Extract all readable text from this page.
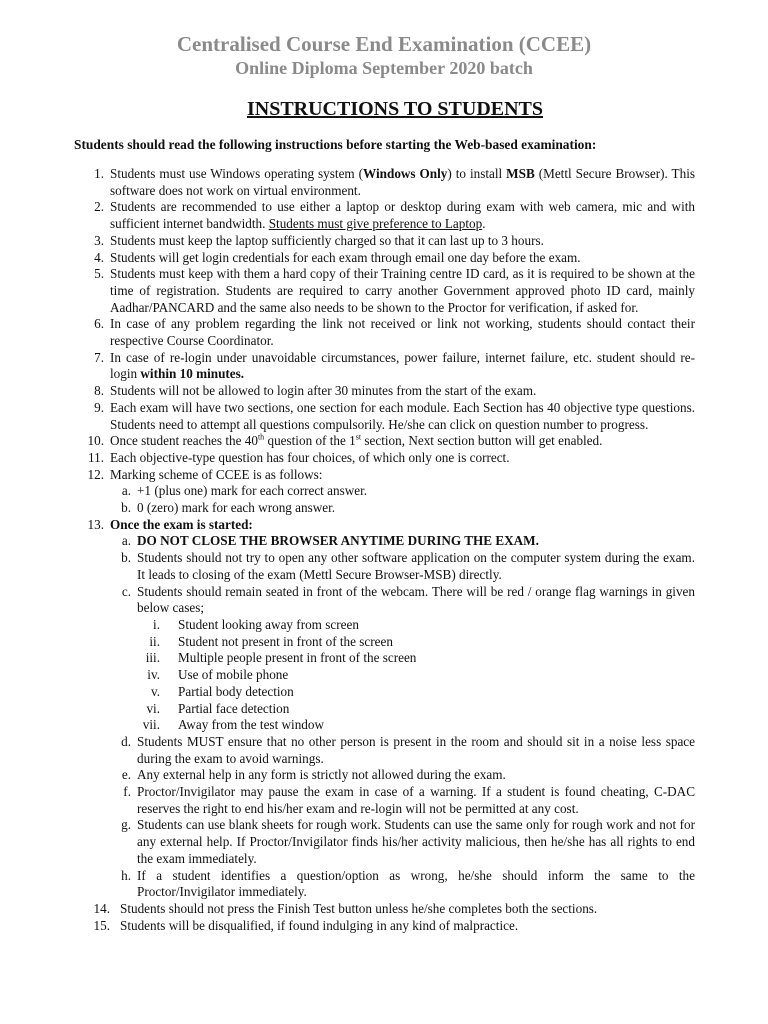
Centralised Course End Examination (CCEE)
Online Diploma September 2020 batch
INSTRUCTIONS TO STUDENTS
Students should read the following instructions before starting the Web-based examination:
1. Students must use Windows operating system (Windows Only) to install MSB (Mettl Secure Browser). This software does not work on virtual environment.
2. Students are recommended to use either a laptop or desktop during exam with web camera, mic and with sufficient internet bandwidth. Students must give preference to Laptop.
3. Students must keep the laptop sufficiently charged so that it can last up to 3 hours.
4. Students will get login credentials for each exam through email one day before the exam.
5. Students must keep with them a hard copy of their Training centre ID card, as it is required to be shown at the time of registration. Students are required to carry another Government approved photo ID card, mainly Aadhar/PANCARD and the same also needs to be shown to the Proctor for verification, if asked for.
6. In case of any problem regarding the link not received or link not working, students should contact their respective Course Coordinator.
7. In case of re-login under unavoidable circumstances, power failure, internet failure, etc. student should re-login within 10 minutes.
8. Students will not be allowed to login after 30 minutes from the start of the exam.
9. Each exam will have two sections, one section for each module. Each Section has 40 objective type questions. Students need to attempt all questions compulsorily. He/she can click on question number to progress.
10. Once student reaches the 40th question of the 1st section, Next section button will get enabled.
11. Each objective-type question has four choices, of which only one is correct.
12. Marking scheme of CCEE is as follows:
a. +1 (plus one) mark for each correct answer.
b. 0 (zero) mark for each wrong answer.
13. Once the exam is started:
a. DO NOT CLOSE THE BROWSER ANYTIME DURING THE EXAM.
b. Students should not try to open any other software application on the computer system during the exam. It leads to closing of the exam (Mettl Secure Browser-MSB) directly.
c. Students should remain seated in front of the webcam. There will be red / orange flag warnings in given below cases;
i. Student looking away from screen
ii. Student not present in front of the screen
iii. Multiple people present in front of the screen
iv. Use of mobile phone
v. Partial body detection
vi. Partial face detection
vii. Away from the test window
d. Students MUST ensure that no other person is present in the room and should sit in a noise less space during the exam to avoid warnings.
e. Any external help in any form is strictly not allowed during the exam.
f. Proctor/Invigilator may pause the exam in case of a warning. If a student is found cheating, C-DAC reserves the right to end his/her exam and re-login will not be permitted at any cost.
g. Students can use blank sheets for rough work. Students can use the same only for rough work and not for any external help. If Proctor/Invigilator finds his/her activity malicious, then he/she has all rights to end the exam immediately.
h. If a student identifies a question/option as wrong, he/she should inform the same to the Proctor/Invigilator immediately.
14. Students should not press the Finish Test button unless he/she completes both the sections.
15. Students will be disqualified, if found indulging in any kind of malpractice.
